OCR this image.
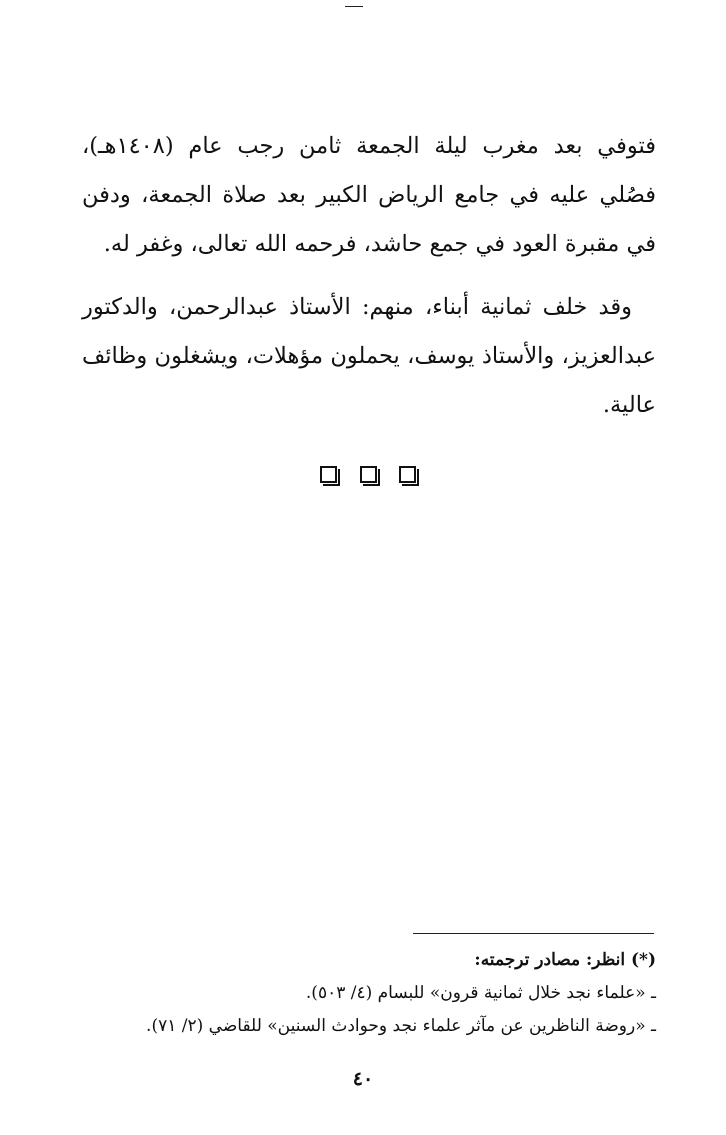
فتوفي بعد مغرب ليلة الجمعة ثامن رجب عام (١٤٠٨هـ)، فصُلي عليه في جامع الرياض الكبير بعد صلاة الجمعة، ودفن في مقبرة العود في جمع حاشد، فرحمه الله تعالى، وغفر له.

وقد خلف ثمانية أبناء، منهم: الأستاذ عبدالرحمن، والدكتور عبدالعزيز، والأستاذ يوسف، يحملون مؤهلات، ويشغلون وظائف عالية.

(*) انظر: مصادر ترجمته:
ـ «علماء نجد خلال ثمانية قرون» للبسام (٤/ ٥٠٣).
ـ «روضة الناظرين عن مآثر علماء نجد وحوادث السنين» للقاضي (٢/ ٧١).
٤٠
